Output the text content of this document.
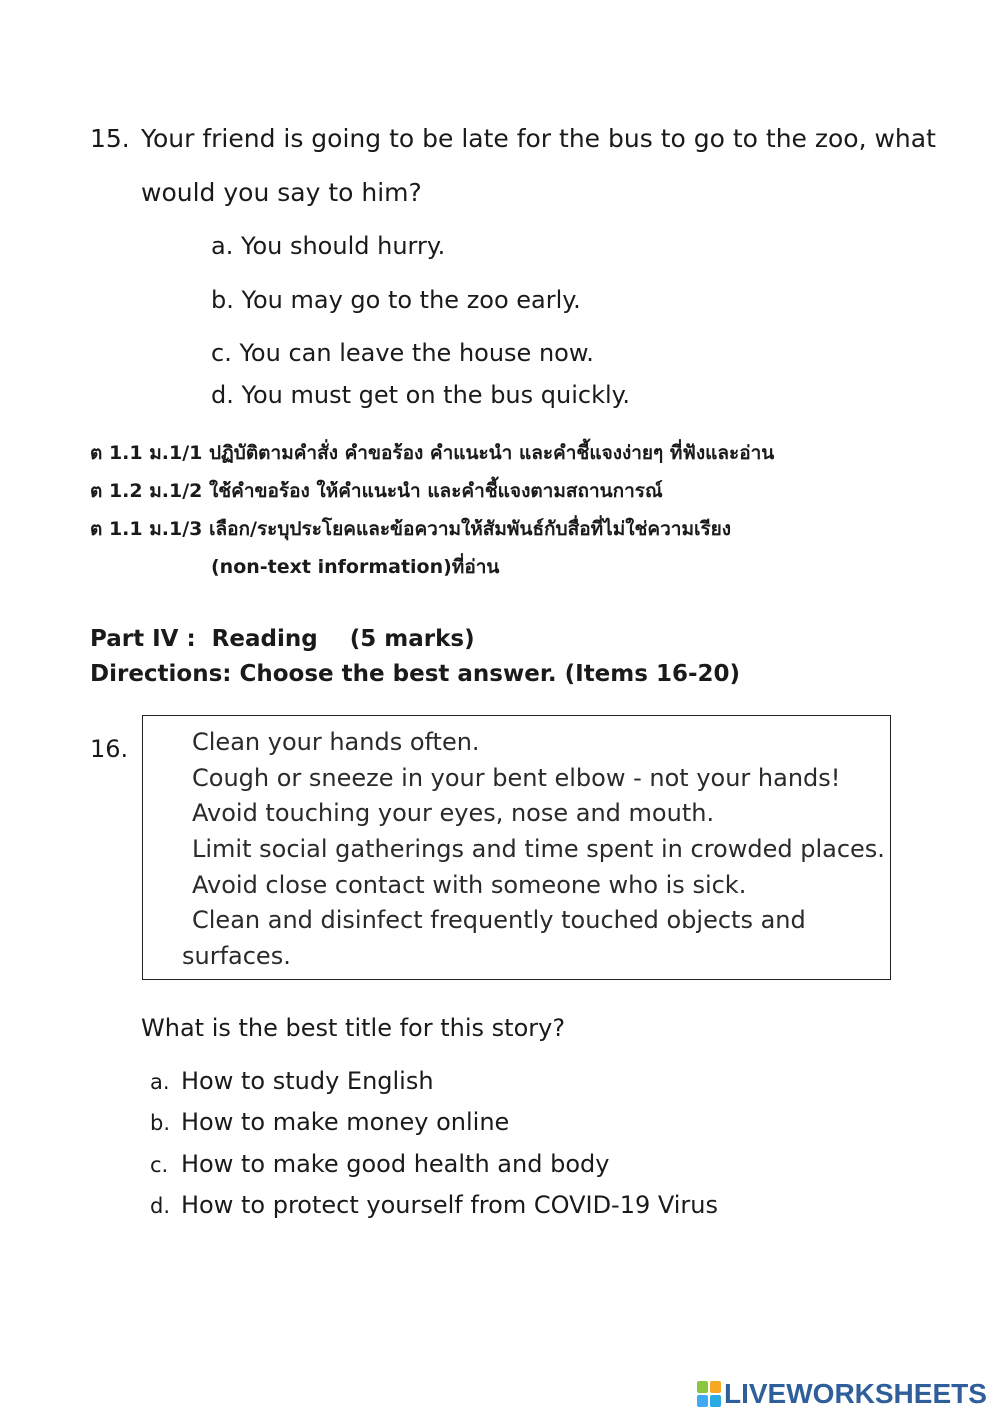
15. Your friend is going to be late for the bus to go to the zoo, what
would you say to him?
a. You should hurry.
b. You may go to the zoo early.
c. You can leave the house now.
d. You must get on the bus quickly.
ต 1.1 ม.1/1 ปฏิบัติตามคำสั่ง คำขอร้อง คำแนะนำ และคำชี้แจงง่ายๆ ที่ฟังและอ่าน
ต 1.2 ม.1/2 ใช้คำขอร้อง ให้คำแนะนำ และคำชี้แจงตามสถานการณ์
ต 1.1 ม.1/3 เลือก/ระบุประโยคและข้อความให้สัมพันธ์กับสื่อที่ไม่ใช่ความเรียง
(non-text information)ที่อ่าน
Part IV :  Reading    (5 marks)
Directions: Choose the best answer. (Items 16-20)
16.	Clean your hands often.
Cough or sneeze in your bent elbow - not your hands!
Avoid touching your eyes, nose and mouth.
Limit social gatherings and time spent in crowded places.
Avoid close contact with someone who is sick.
Clean and disinfect frequently touched objects and
surfaces.
What is the best title for this story?
a. How to study English
b. How to make money online
c. How to make good health and body
d. How to protect yourself from COVID-19 Virus
LIVEWORKSHEETS
